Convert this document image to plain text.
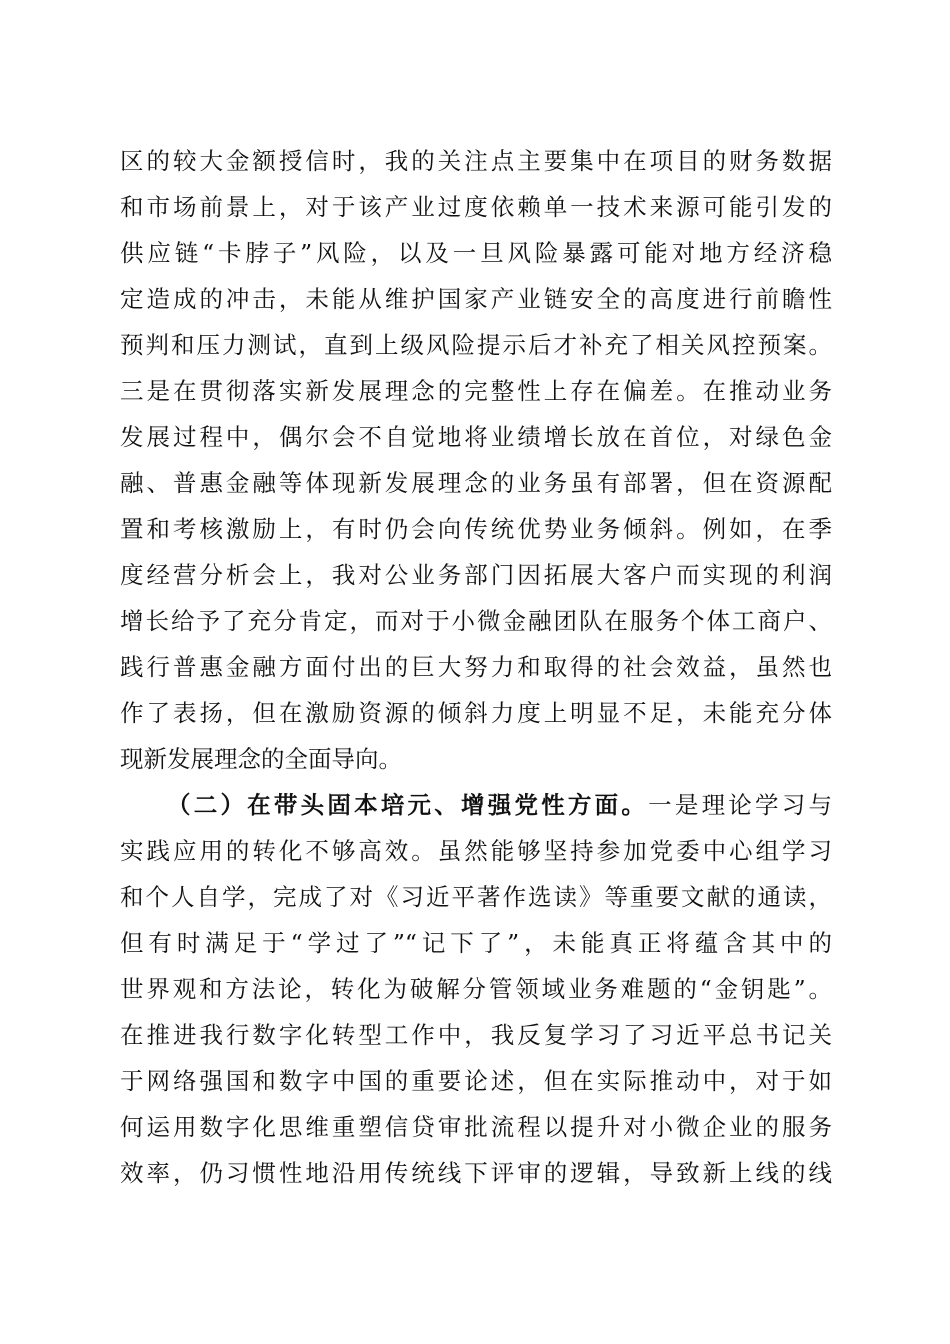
区的较大金额授信时，我的关注点主要集中在项目的财务数据
和市场前景上，对于该产业过度依赖单一技术来源可能引发的
供应链“卡脖子”风险，以及一旦风险暴露可能对地方经济稳
定造成的冲击，未能从维护国家产业链安全的高度进行前瞻性
预判和压力测试，直到上级风险提示后才补充了相关风控预案。
三是在贯彻落实新发展理念的完整性上存在偏差。在推动业务
发展过程中，偶尔会不自觉地将业绩增长放在首位，对绿色金
融、普惠金融等体现新发展理念的业务虽有部署，但在资源配
置和考核激励上，有时仍会向传统优势业务倾斜。例如，在季
度经营分析会上，我对公业务部门因拓展大客户而实现的利润
增长给予了充分肯定，而对于小微金融团队在服务个体工商户、
践行普惠金融方面付出的巨大努力和取得的社会效益，虽然也
作了表扬，但在激励资源的倾斜力度上明显不足，未能充分体
现新发展理念的全面导向。
（二）在带头固本培元、增强党性方面。一是理论学习与
实践应用的转化不够高效。虽然能够坚持参加党委中心组学习
和个人自学，完成了对《习近平著作选读》等重要文献的通读，
但有时满足于“学过了”“记下了”，未能真正将蕴含其中的
世界观和方法论，转化为破解分管领域业务难题的“金钥匙”。
在推进我行数字化转型工作中，我反复学习了习近平总书记关
于网络强国和数字中国的重要论述，但在实际推动中，对于如
何运用数字化思维重塑信贷审批流程以提升对小微企业的服务
效率，仍习惯性地沿用传统线下评审的逻辑，导致新上线的线
